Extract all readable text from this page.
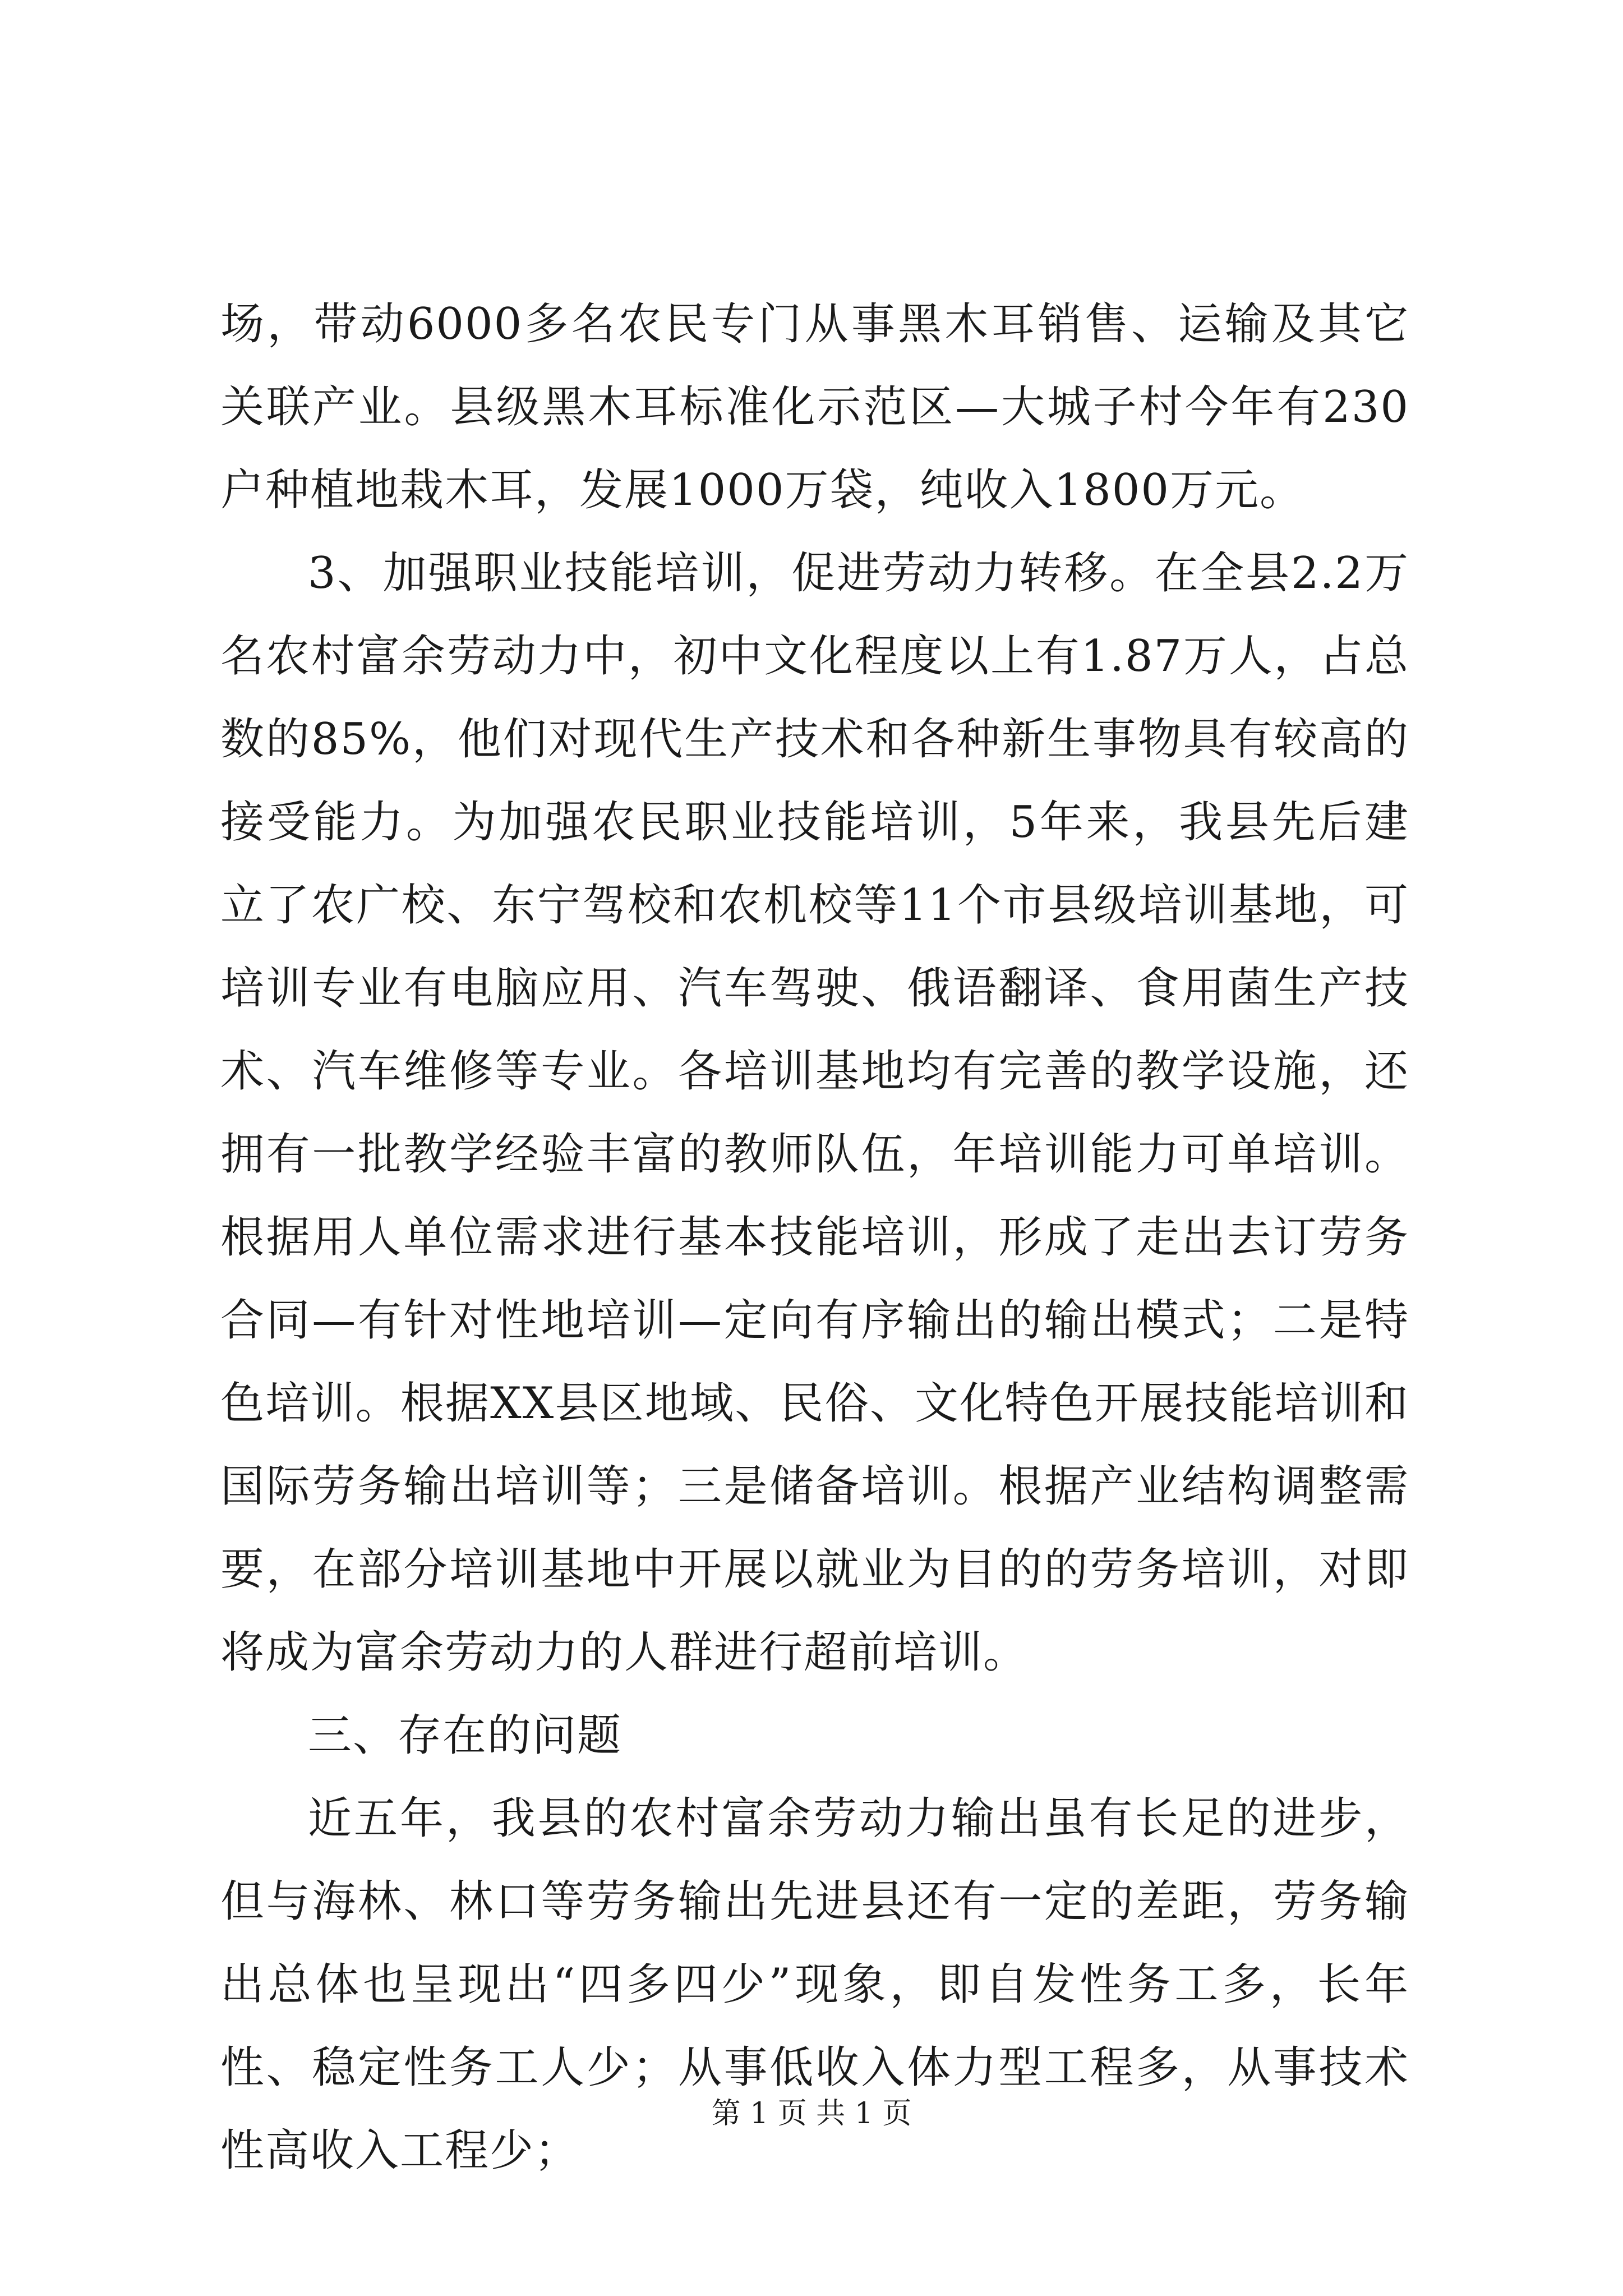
场，带动6000多名农民专门从事黑木耳销售、运输及其它关联产业。县级黑木耳标准化示范区—大城子村今年有230户种植地栽木耳，发展1000万袋，纯收入1800万元。

3、加强职业技能培训，促进劳动力转移。在全县2.2万名农村富余劳动力中，初中文化程度以上有1.87万人，占总数的85%，他们对现代生产技术和各种新生事物具有较高的接受能力。为加强农民职业技能培训，5年来，我县先后建立了农广校、东宁驾校和农机校等11个市县级培训基地，可培训专业有电脑应用、汽车驾驶、俄语翻译、食用菌生产技术、汽车维修等专业。各培训基地均有完善的教学设施，还拥有一批教学经验丰富的教师队伍，年培训能力可单培训。根据用人单位需求进行基本技能培训，形成了走出去订劳务合同—有针对性地培训—定向有序输出的输出模式；二是特色培训。根据XX县区地域、民俗、文化特色开展技能培训和国际劳务输出培训等；三是储备培训。根据产业结构调整需要，在部分培训基地中开展以就业为目的的劳务培训，对即将成为富余劳动力的人群进行超前培训。

三、存在的问题

近五年，我县的农村富余劳动力输出虽有长足的进步，但与海林、林口等劳务输出先进县还有一定的差距，劳务输出总体也呈现出“四多四少”现象，即自发性务工多，长年性、稳定性务工人少；从事低收入体力型工程多，从事技术性高收入工程少；

第 1 页 共 1 页
